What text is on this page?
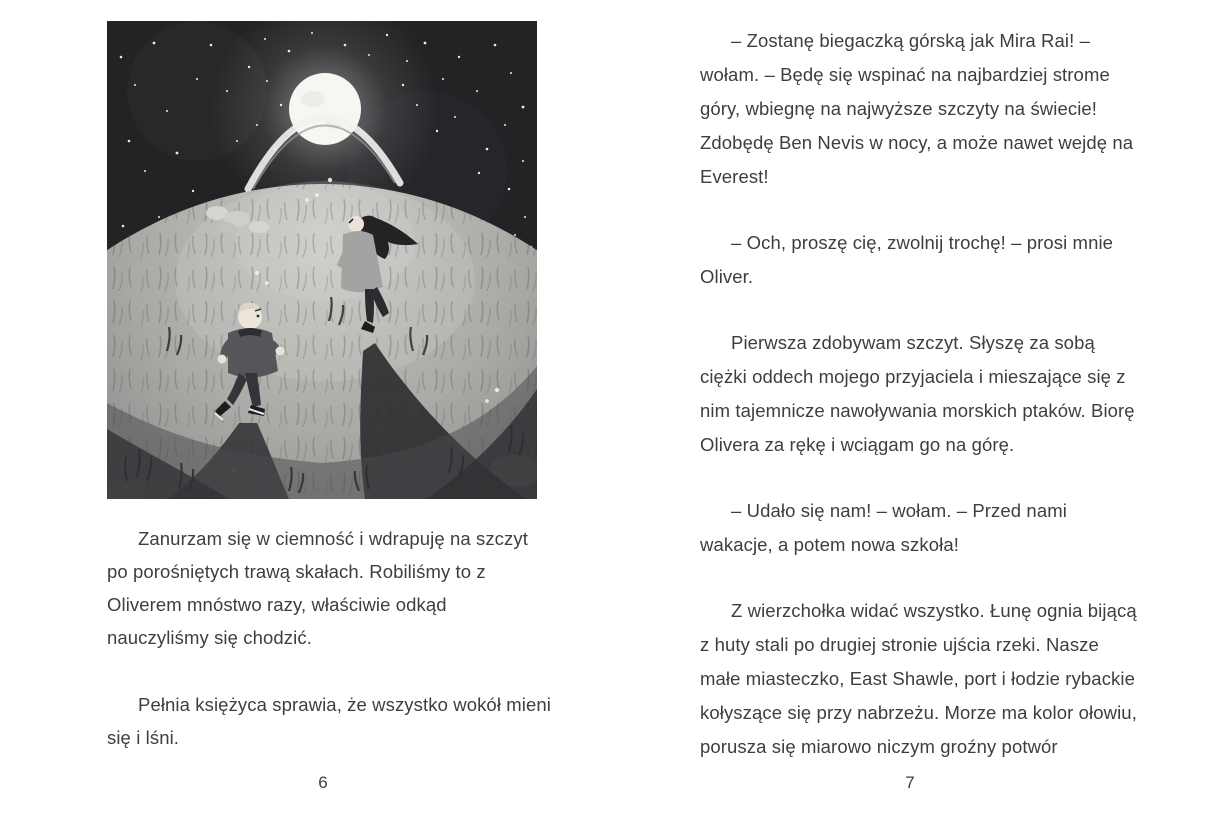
Zanurzam się w ciemność i wdrapuję na szczyt po porośniętych trawą skałach. Robiliśmy to z Oliverem mnóstwo razy, właściwie odkąd nauczyliśmy się chodzić.

Pełnia księżyca sprawia, że wszystko wokół mieni się i lśni.

6

– Zostanę biegaczką górską jak Mira Rai! – wołam. – Będę się wspinać na najbardziej strome góry, wbiegnę na najwyższe szczyty na świecie! Zdobędę Ben Nevis w nocy, a może nawet wejdę na Everest!

– Och, proszę cię, zwolnij trochę! – prosi mnie Oliver.

Pierwsza zdobywam szczyt. Słyszę za sobą ciężki oddech mojego przyjaciela i mieszające się z nim tajemnicze nawoływania morskich ptaków. Biorę Olivera za rękę i wciągam go na górę.

– Udało się nam! – wołam. – Przed nami wakacje, a potem nowa szkoła!

Z wierzchołka widać wszystko. Łunę ognia bijącą z huty stali po drugiej stronie ujścia rzeki. Nasze małe miasteczko, East Shawle, port i łodzie rybackie kołyszące się przy nabrzeżu. Morze ma kolor ołowiu, porusza się miarowo niczym groźny potwór

7
